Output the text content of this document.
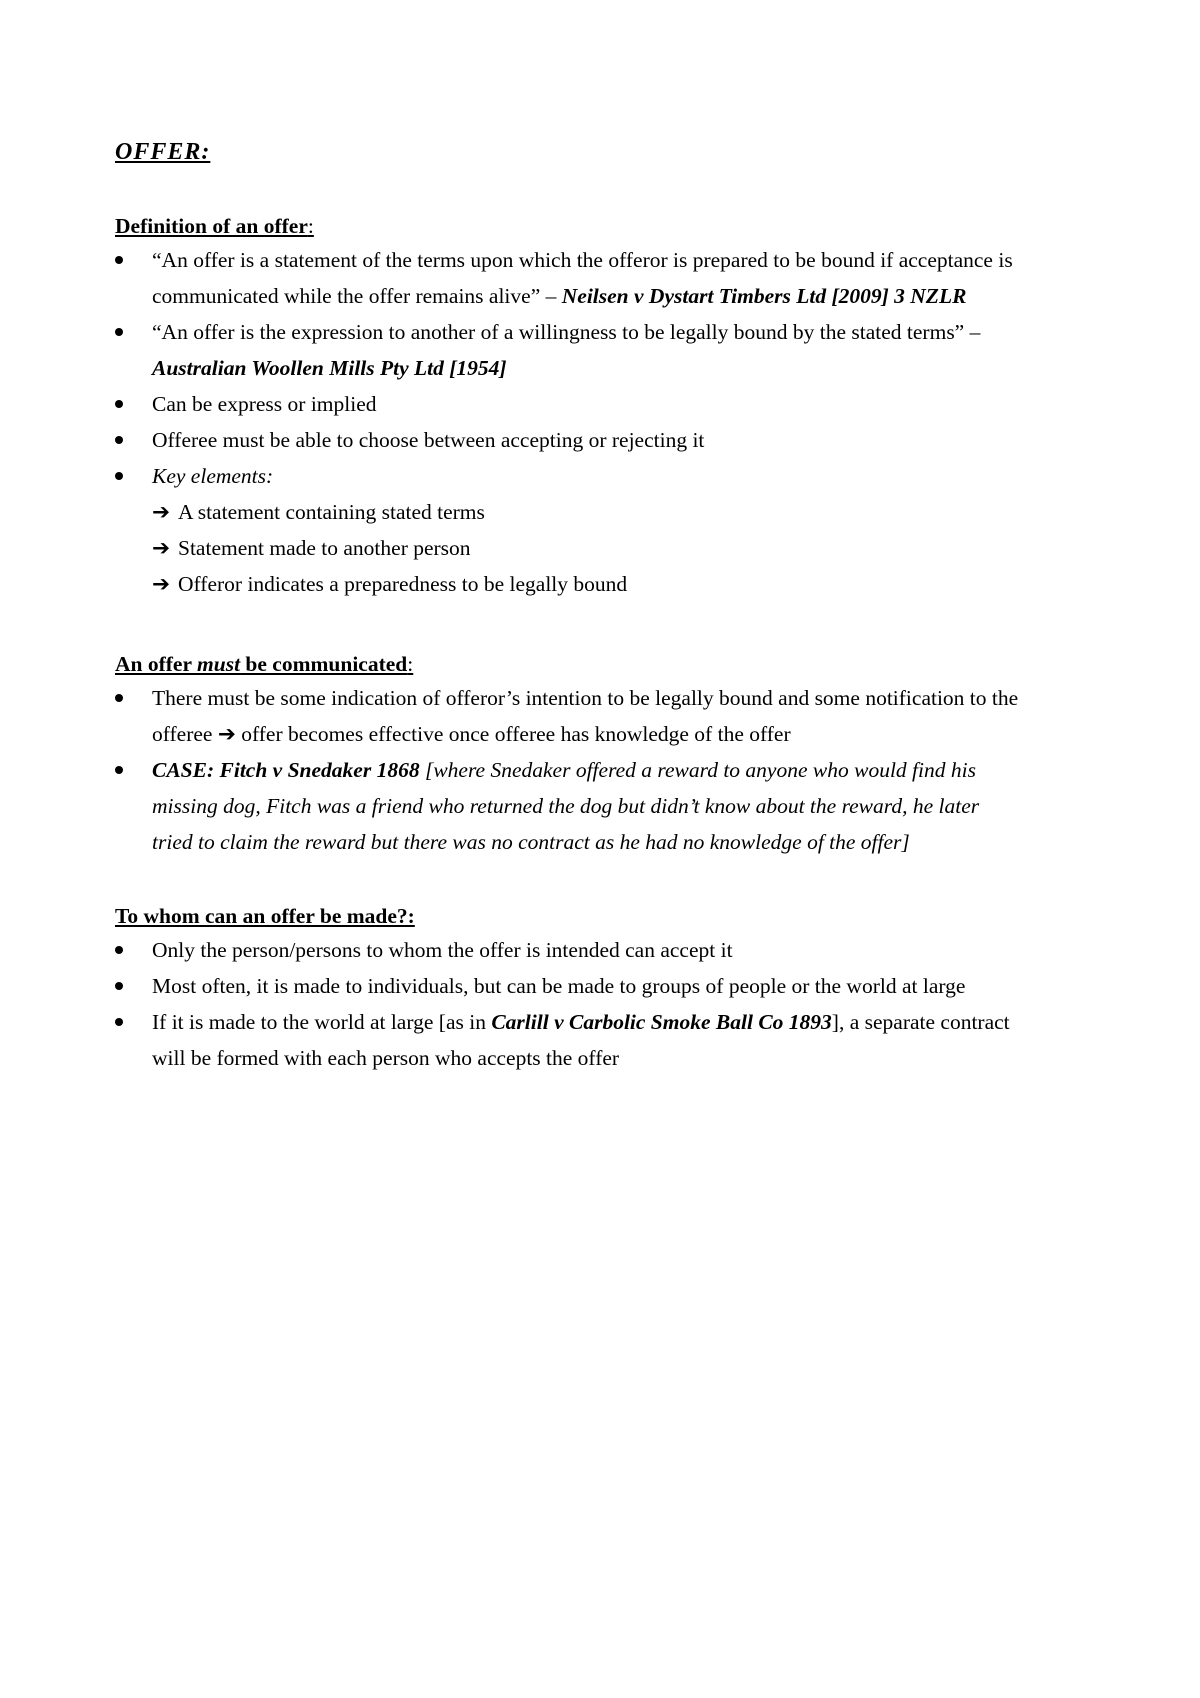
OFFER:
Definition of an offer:
“An offer is a statement of the terms upon which the offeror is prepared to be bound if acceptance is
communicated while the offer remains alive” – Neilsen v Dystart Timbers Ltd [2009] 3 NZLR
“An offer is the expression to another of a willingness to be legally bound by the stated terms” –
Australian Woollen Mills Pty Ltd [1954]
Can be express or implied
Offeree must be able to choose between accepting or rejecting it
Key elements:
➔ A statement containing stated terms
➔ Statement made to another person
➔ Offeror indicates a preparedness to be legally bound
An offer must be communicated:
There must be some indication of offeror’s intention to be legally bound and some notification to the
offeree ➔ offer becomes effective once offeree has knowledge of the offer
CASE: Fitch v Snedaker 1868 [where Snedaker offered a reward to anyone who would find his
missing dog, Fitch was a friend who returned the dog but didn’t know about the reward, he later
tried to claim the reward but there was no contract as he had no knowledge of the offer]
To whom can an offer be made?:
Only the person/persons to whom the offer is intended can accept it
Most often, it is made to individuals, but can be made to groups of people or the world at large
If it is made to the world at large [as in Carlill v Carbolic Smoke Ball Co 1893], a separate contract
will be formed with each person who accepts the offer
